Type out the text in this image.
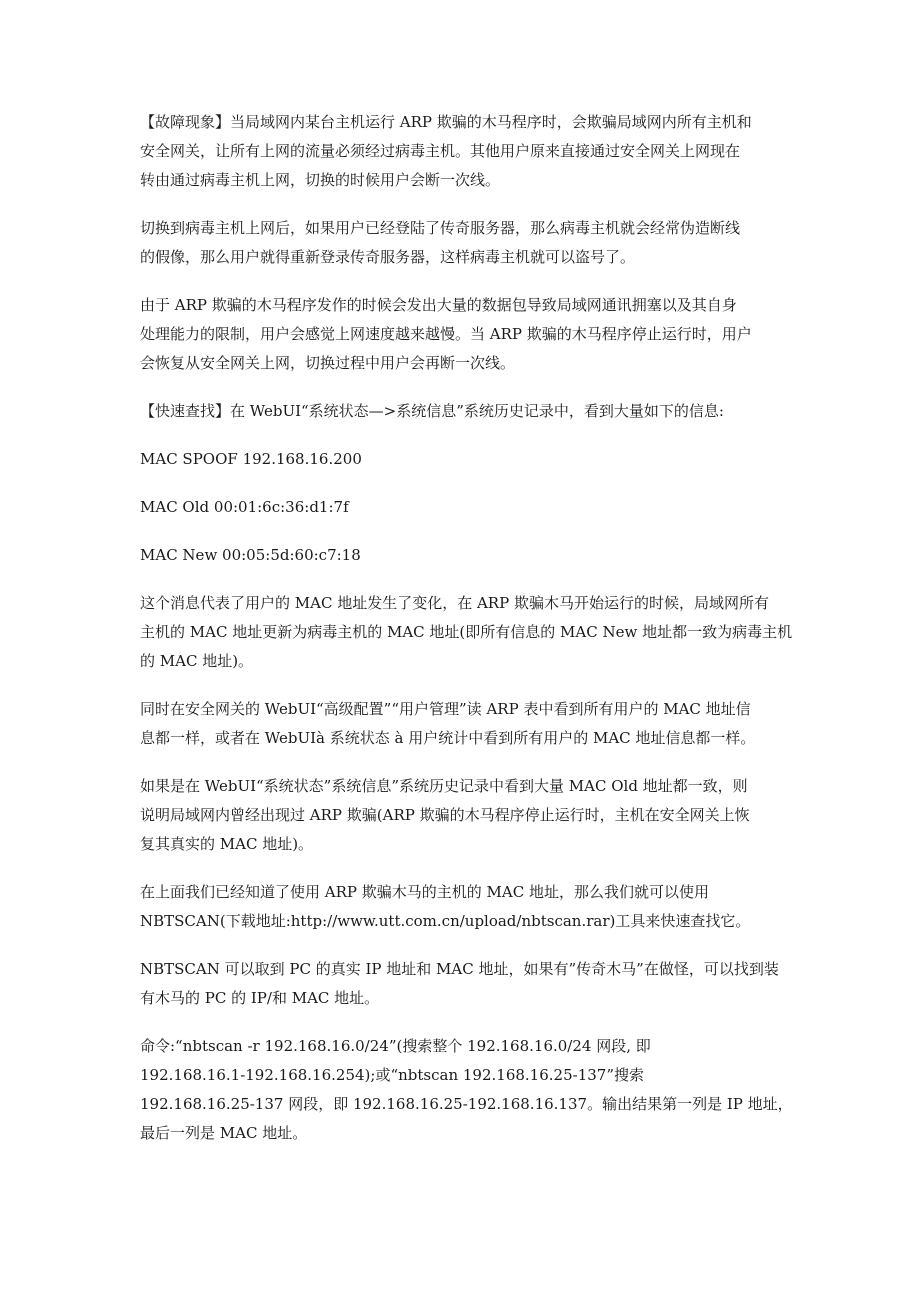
【故障现象】当局域网内某台主机运行 ARP 欺骗的木马程序时，会欺骗局域网内所有主机和
安全网关，让所有上网的流量必须经过病毒主机。其他用户原来直接通过安全网关上网现在
转由通过病毒主机上网，切换的时候用户会断一次线。

切换到病毒主机上网后，如果用户已经登陆了传奇服务器，那么病毒主机就会经常伪造断线
的假像，那么用户就得重新登录传奇服务器，这样病毒主机就可以盗号了。

由于 ARP 欺骗的木马程序发作的时候会发出大量的数据包导致局域网通讯拥塞以及其自身
处理能力的限制，用户会感觉上网速度越来越慢。当 ARP 欺骗的木马程序停止运行时，用户
会恢复从安全网关上网，切换过程中用户会再断一次线。

【快速查找】在 WebUI“系统状态—>系统信息”系统历史记录中，看到大量如下的信息:

MAC SPOOF 192.168.16.200

MAC Old 00:01:6c:36:d1:7f

MAC New 00:05:5d:60:c7:18

这个消息代表了用户的 MAC 地址发生了变化，在 ARP 欺骗木马开始运行的时候，局域网所有
主机的 MAC 地址更新为病毒主机的 MAC 地址(即所有信息的 MAC New 地址都一致为病毒主机
的 MAC 地址)。

同时在安全网关的 WebUI“高级配置”“用户管理”读 ARP 表中看到所有用户的 MAC 地址信
息都一样，或者在 WebUIà 系统状态 à 用户统计中看到所有用户的 MAC 地址信息都一样。

如果是在 WebUI“系统状态”系统信息”系统历史记录中看到大量 MAC Old 地址都一致，则
说明局域网内曾经出现过 ARP 欺骗(ARP 欺骗的木马程序停止运行时，主机在安全网关上恢
复其真实的 MAC 地址)。

在上面我们已经知道了使用 ARP 欺骗木马的主机的 MAC 地址，那么我们就可以使用
NBTSCAN(下载地址:http://www.utt.com.cn/upload/nbtscan.rar)工具来快速查找它。

NBTSCAN 可以取到 PC 的真实 IP 地址和 MAC 地址，如果有”传奇木马”在做怪，可以找到装
有木马的 PC 的 IP/和 MAC 地址。

命令:“nbtscan -r 192.168.16.0/24”(搜索整个 192.168.16.0/24 网段, 即
192.168.16.1-192.168.16.254);或“nbtscan 192.168.16.25-137”搜索
192.168.16.25-137 网段，即 192.168.16.25-192.168.16.137。输出结果第一列是 IP 地址，
最后一列是 MAC 地址。
